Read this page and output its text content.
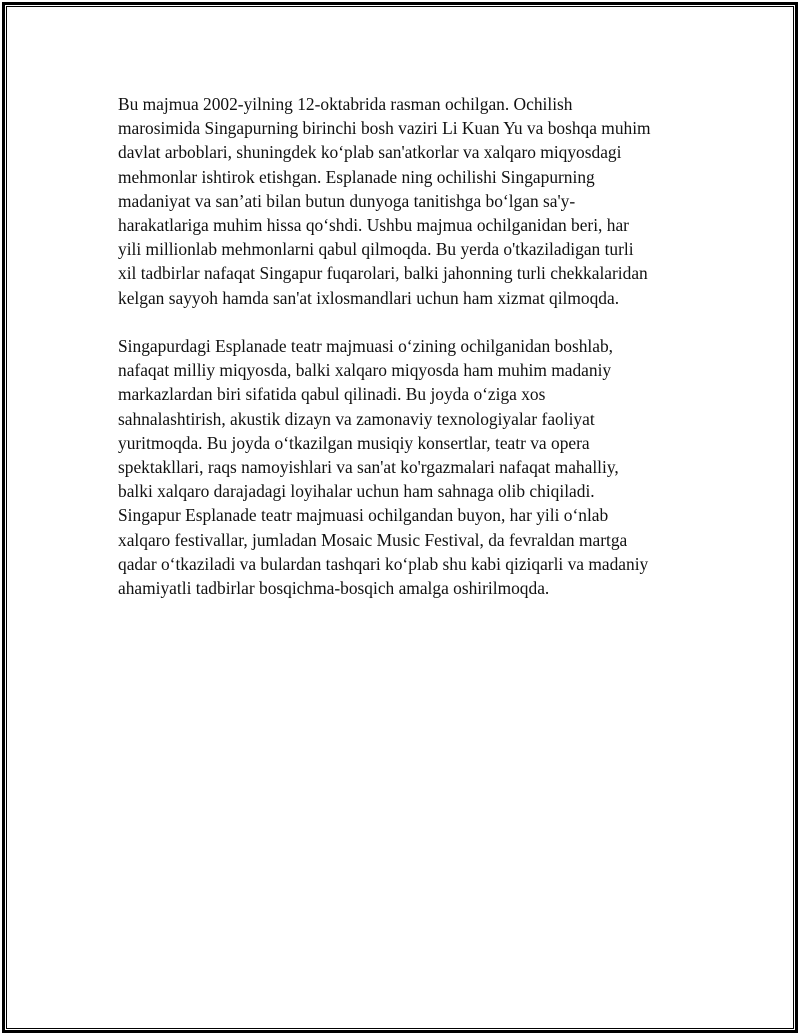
Bu majmua 2002-yilning 12-oktabrida rasman ochilgan. Ochilish
marosimida Singapurning birinchi bosh vaziri Li Kuan Yu va boshqa muhim
davlat arboblari, shuningdek koʻplab san'atkorlar va xalqaro miqyosdagi
mehmonlar ishtirok etishgan. Esplanade ning ochilishi Singapurning
madaniyat va san’ati bilan butun dunyoga tanitishga boʻlgan sa'y-
harakatlariga muhim hissa qoʻshdi. Ushbu majmua ochilganidan beri, har
yili millionlab mehmonlarni qabul qilmoqda. Bu yerda o'tkaziladigan turli
xil tadbirlar nafaqat Singapur fuqarolari, balki jahonning turli chekkalaridan
kelgan sayyoh hamda san'at ixlosmandlari uchun ham xizmat qilmoqda.

Singapurdagi Esplanade teatr majmuasi oʻzining ochilganidan boshlab,
nafaqat milliy miqyosda, balki xalqaro miqyosda ham muhim madaniy
markazlardan biri sifatida qabul qilinadi. Bu joyda oʻziga xos
sahnalashtirish, akustik dizayn va zamonaviy texnologiyalar faoliyat
yuritmoqda. Bu joyda oʻtkazilgan musiqiy konsertlar, teatr va opera
spektakllari, raqs namoyishlari va san'at ko'rgazmalari nafaqat mahalliy,
balki xalqaro darajadagi loyihalar uchun ham sahnaga olib chiqiladi.
Singapur Esplanade teatr majmuasi ochilgandan buyon, har yili oʻnlab
xalqaro festivallar, jumladan Mosaic Music Festival, da fevraldan martga
qadar oʻtkaziladi va bulardan tashqari koʻplab shu kabi qiziqarli va madaniy
ahamiyatli tadbirlar bosqichma-bosqich amalga oshirilmoqda.
